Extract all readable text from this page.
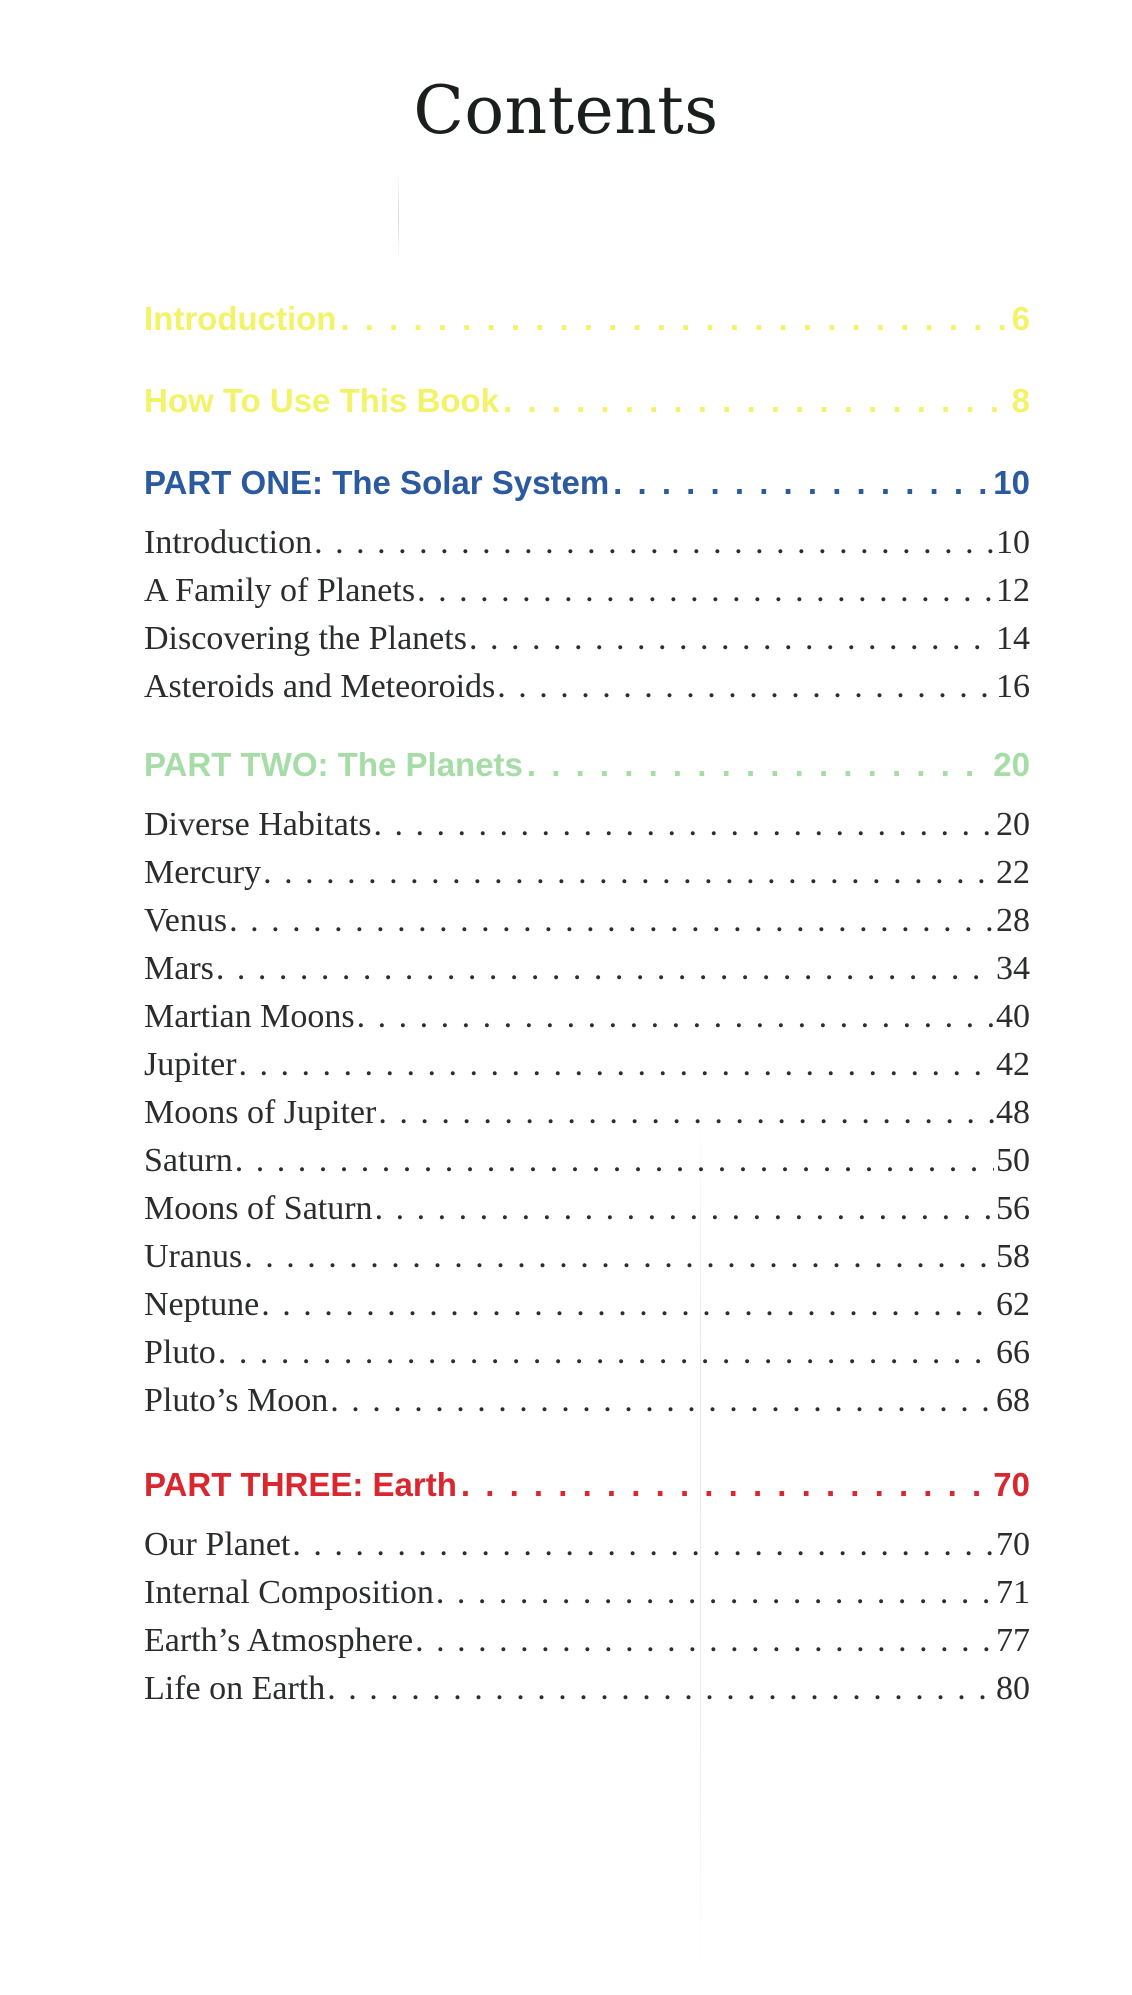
Contents
Introduction . . .	6
How To Use This Book . . .	8
PART ONE: The Solar System . . .	10
Introduction . . .	10
A Family of Planets . . .	12
Discovering the Planets . . .	14
Asteroids and Meteoroids . . .	16
PART TWO: The Planets . . .	20
Diverse Habitats . . .	20
Mercury . . .	22
Venus . . .	28
Mars . . .	34
Martian Moons . . .	40
Jupiter . . .	42
Moons of Jupiter . . .	48
Saturn . . .	50
Moons of Saturn . . .	56
Uranus . . .	58
Neptune . . .	62
Pluto . . .	66
Pluto’s Moon . . .	68
PART THREE: Earth . . .	70
Our Planet . . .	70
Internal Composition . . .	71
Earth’s Atmosphere . . .	77
Life on Earth . . .	80
